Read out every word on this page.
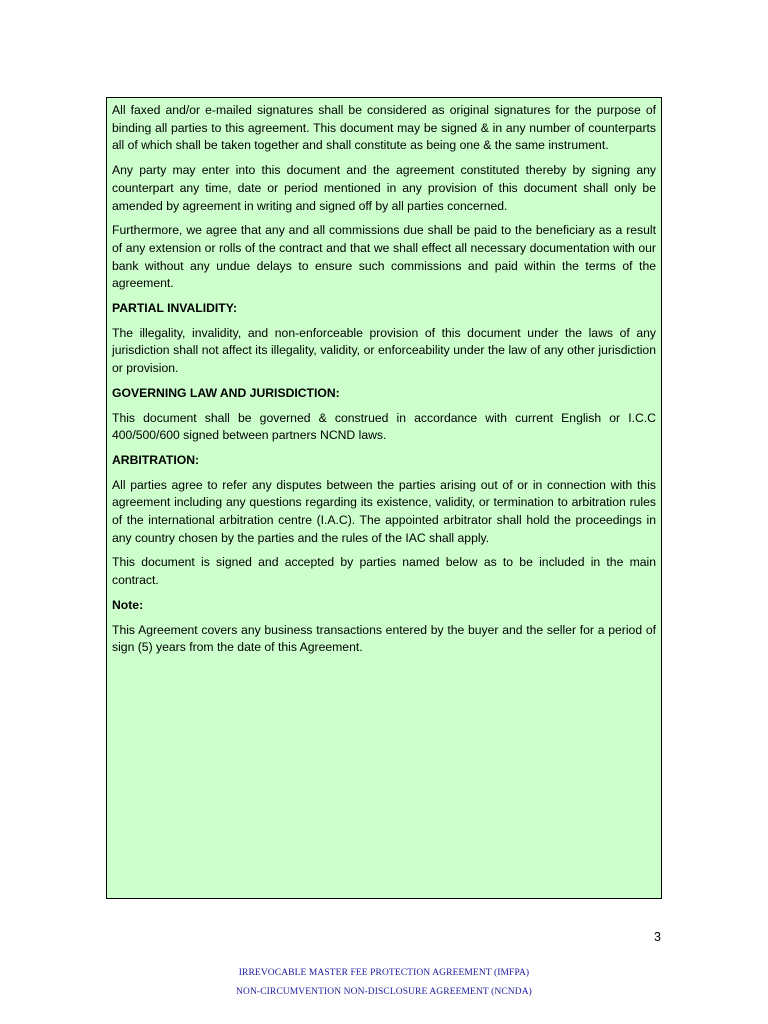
All faxed and/or e-mailed signatures shall be considered as original signatures for the purpose of binding all parties to this agreement. This document may be signed & in any number of counterparts all of which shall be taken together and shall constitute as being one & the same instrument.

Any party may enter into this document and the agreement constituted thereby by signing any counterpart any time, date or period mentioned in any provision of this document shall only be amended by agreement in writing and signed off by all parties concerned.

Furthermore, we agree that any and all commissions due shall be paid to the beneficiary as a result of any extension or rolls of the contract and that we shall effect all necessary documentation with our bank without any undue delays to ensure such commissions and paid within the terms of the agreement.

PARTIAL INVALIDITY:

The illegality, invalidity, and non-enforceable provision of this document under the laws of any jurisdiction shall not affect its illegality, validity, or enforceability under the law of any other jurisdiction or provision.

GOVERNING LAW AND JURISDICTION:

This document shall be governed & construed in accordance with current English or I.C.C 400/500/600 signed between partners NCND laws.

ARBITRATION:

All parties agree to refer any disputes between the parties arising out of or in connection with this agreement including any questions regarding its existence, validity, or termination to arbitration rules of the international arbitration centre (I.A.C). The appointed arbitrator shall hold the proceedings in any country chosen by the parties and the rules of the IAC shall apply.

This document is signed and accepted by parties named below as to be included in the main contract.

Note:

This Agreement covers any business transactions entered by the buyer and the seller for a period of sign (5) years from the date of this Agreement.

3
IRREVOCABLE MASTER FEE PROTECTION AGREEMENT (IMFPA)
NON-CIRCUMVENTION NON-DISCLOSURE AGREEMENT (NCNDA)
